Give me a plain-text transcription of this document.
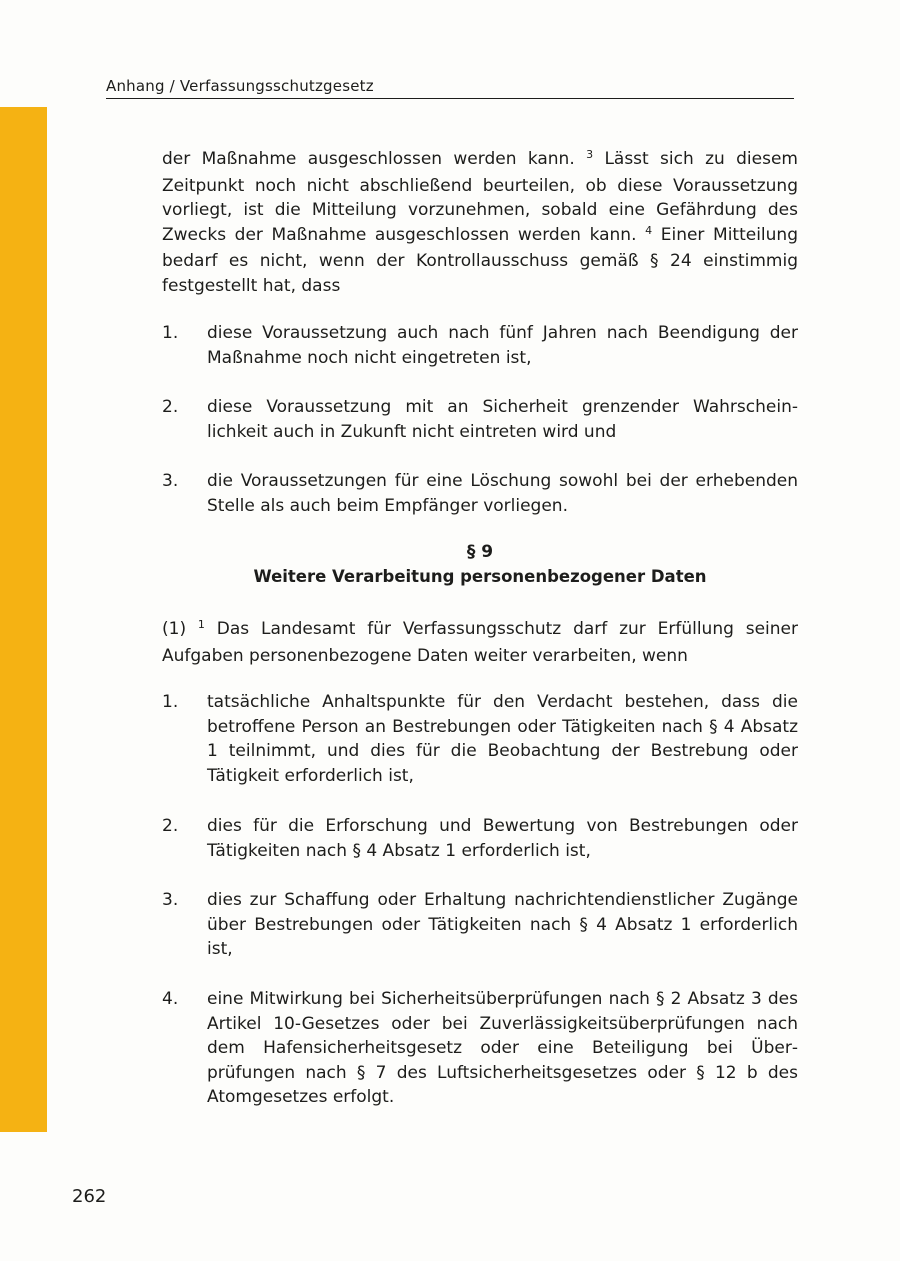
Anhang / Verfassungsschutzgesetz
der Maßnahme ausgeschlossen werden kann. $^3$ Lässt sich zu diesem Zeitpunkt noch nicht abschließend beurteilen, ob diese Voraussetzung vorliegt, ist die Mitteilung vorzunehmen, sobald eine Gefährdung des Zwecks der Maßnahme ausgeschlossen werden kann. $^4$ Einer Mitteilung bedarf es nicht, wenn der Kontrollausschuss gemäß § 24 einstimmig festgestellt hat, dass
1.	diese Voraussetzung auch nach fünf Jahren nach Beendigung der Maßnahme noch nicht eingetreten ist,
2.	diese Voraussetzung mit an Sicherheit grenzender Wahrscheinlichkeit auch in Zukunft nicht eintreten wird und
3.	die Voraussetzungen für eine Löschung sowohl bei der erhebenden Stelle als auch beim Empfänger vorliegen.
§ 9
Weitere Verarbeitung personenbezogener Daten
(1) $^1$ Das Landesamt für Verfassungsschutz darf zur Erfüllung seiner Aufgaben personenbezogene Daten weiter verarbeiten, wenn
1.	tatsächliche Anhaltspunkte für den Verdacht bestehen, dass die betroffene Person an Bestrebungen oder Tätigkeiten nach § 4 Absatz 1 teilnimmt, und dies für die Beobachtung der Bestrebung oder Tätigkeit erforderlich ist,
2.	dies für die Erforschung und Bewertung von Bestrebungen oder Tätigkeiten nach § 4 Absatz 1 erforderlich ist,
3.	dies zur Schaffung oder Erhaltung nachrichtendienstlicher Zugänge über Bestrebungen oder Tätigkeiten nach § 4 Absatz 1 erforderlich ist,
4.	eine Mitwirkung bei Sicherheitsüberprüfungen nach § 2 Absatz 3 des Artikel 10-Gesetzes oder bei Zuverlässigkeitsüberprüfungen nach dem Hafensicherheitsgesetz oder eine Beteiligung bei Überprüfungen nach § 7 des Luftsicherheitsgesetzes oder § 12 b des Atomgesetzes erfolgt.
262
